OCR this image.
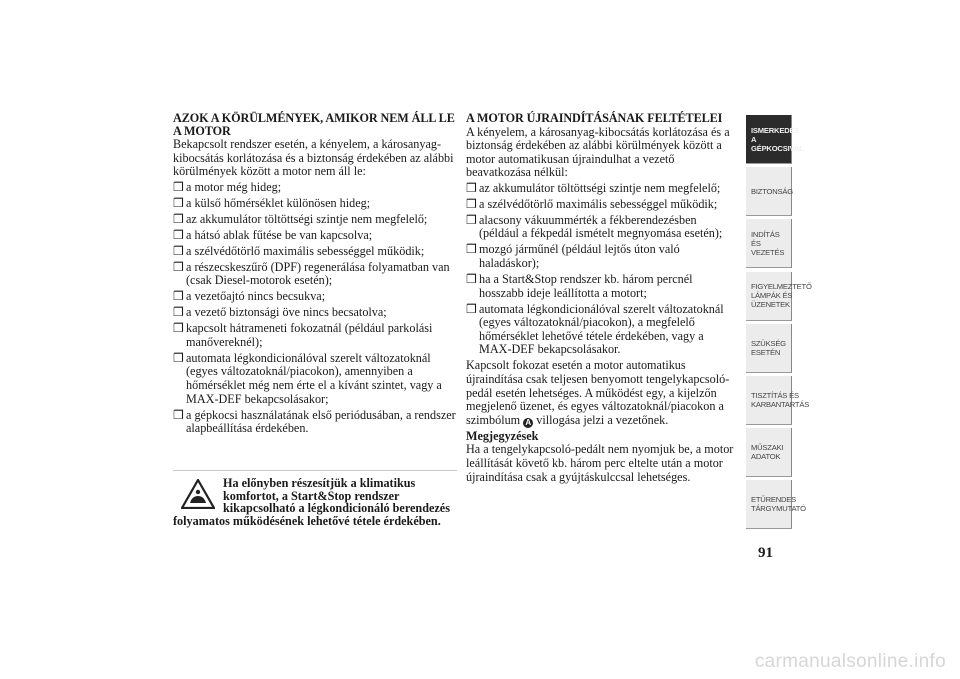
AZOK A KÖRÜLMÉNYEK, AMIKOR NEM ÁLL LE A MOTOR

Bekapcsolt rendszer esetén, a kényelem, a károsanyag-kibocsátás korlátozása és a biztonság érdekében az alábbi körülmények között a motor nem áll le:

❒ a motor még hideg;
❒ a külső hőmérséklet különösen hideg;
❒ az akkumulátor töltöttségi szintje nem megfelelő;
❒ a hátsó ablak fűtése be van kapcsolva;
❒ a szélvédőtörlő maximális sebességgel működik;
❒ a részecskeszűrő (DPF) regenerálása folyamatban van (csak Diesel-motorok esetén);
❒ a vezetőajtó nincs becsukva;
❒ a vezető biztonsági öve nincs becsatolva;
❒ kapcsolt hátrameneti fokozatnál (például parkolási manővereknél);
❒ automata légkondicionálóval szerelt változatoknál (egyes változatoknál/piacokon), amennyiben a hőmérséklet még nem érte el a kívánt szintet, vagy a MAX-DEF bekapcsolásakor;
❒ a gépkocsi használatának első periódusában, a rendszer alapbeállítása érdekében.
Ha előnyben részesítjük a klimatikus
komfortot, a Start&Stop rendszer
kikapcsolható a légkondicionáló berendezés
folyamatos működésének lehetővé tétele érdekében.
A MOTOR ÚJRAINDÍTÁSÁNAK FELTÉTELEI

A kényelem, a károsanyag-kibocsátás korlátozása és a biztonság érdekében az alábbi körülmények között a motor automatikusan újraindulhat a vezető beavatkozása nélkül:

❒ az akkumulátor töltöttségi szintje nem megfelelő;
❒ a szélvédőtörlő maximális sebességgel működik;
❒ alacsony vákuummérték a fékberendezésben (például a fékpedál ismételt megnyomása esetén);
❒ mozgó járműnél (például lejtős úton való haladáskor);
❒ ha a Start&Stop rendszer kb. három percnél hosszabb ideje leállította a motort;
❒ automata légkondicionálóval szerelt változatoknál (egyes változatoknál/piacokon), a megfelelő hőmérséklet lehetővé tétele érdekében, vagy a MAX-DEF bekapcsolásakor.

Kapcsolt fokozat esetén a motor automatikus újraindítása csak teljesen benyomott tengelykapcsoló-pedál esetén lehetséges. A működést egy, a kijelzőn megjelenő üzenet, és egyes változatoknál/piacokon a szimbólum A villogása jelzi a vezetőnek.

Megjegyzések

Ha a tengelykapcsoló-pedált nem nyomjuk be, a motor leállítását követő kb. három perc eltelte után a motor újraindítása csak a gyújtáskulccsal lehetséges.

ISMERKEDÉS A
GÉPKOCSIVAL
BIZTONSÁG
INDÍTÁS ÉS
VEZETÉS
FIGYELMEZTETŐ
LÁMPÁK ÉS
ÜZENETEK
SZÜKSÉG ESETÉN
TISZTÍTÁS ÉS
KARBANTARTÁS
MŰSZAKI ADATOK
ETŰRENDES
TÁRGYMUTATÓ
91
carmanualsonline.info
